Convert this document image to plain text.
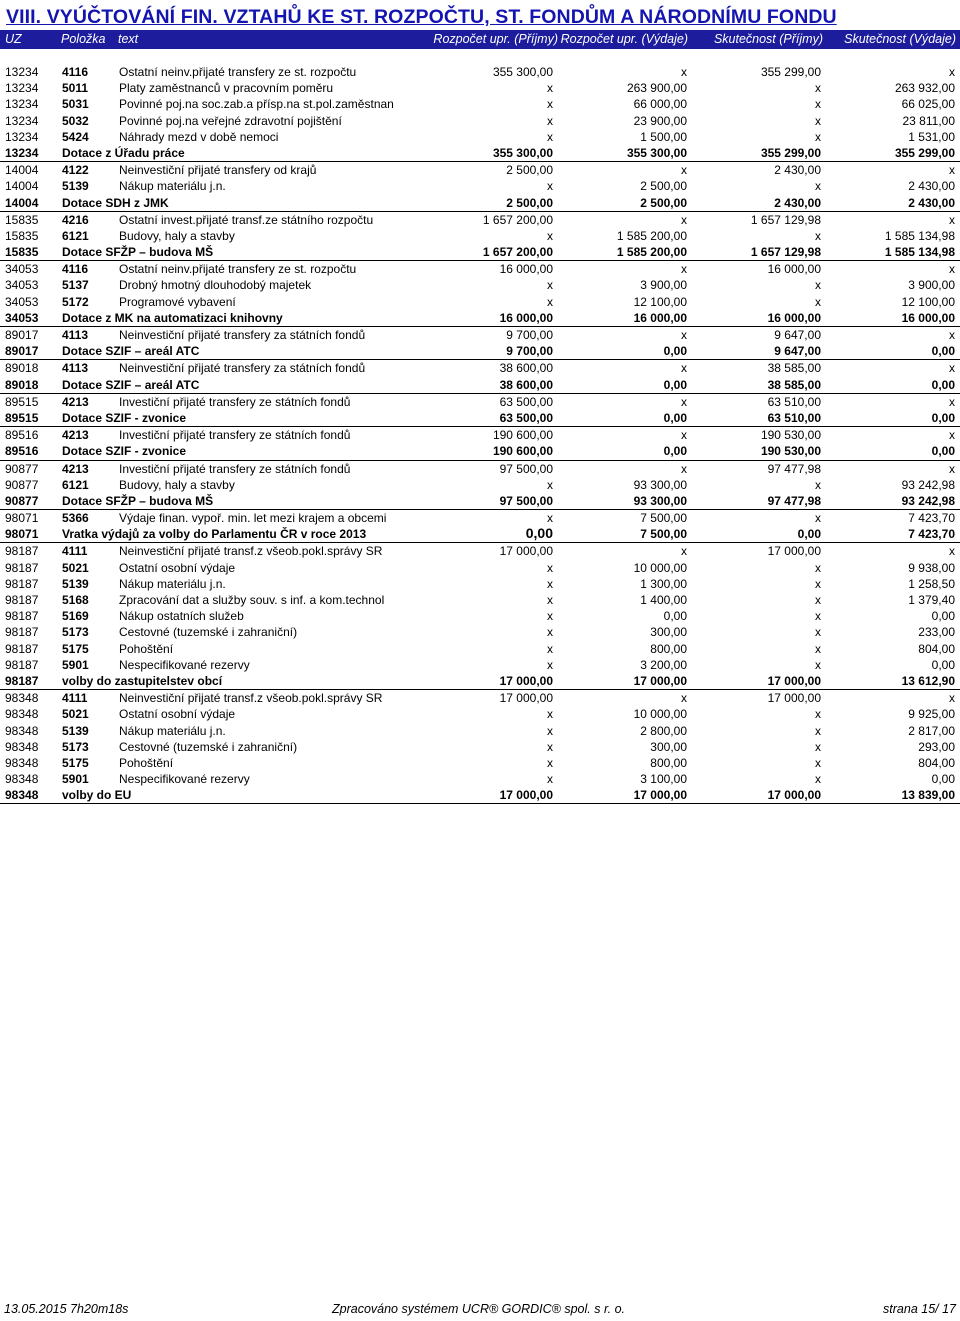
VIII. VYÚČTOVÁNÍ FIN. VZTAHŮ KE ST. ROZPOČTU, ST. FONDŮM A NÁRODNÍMU FONDU
UZ	Položka text	Rozpočet upr. (Příjmy) Rozpočet upr. (Výdaje) Skutečnost (Příjmy) Skutečnost (Výdaje)
13234 4116	Ostatní neinv.přijaté transfery ze st. rozpočtu	355 300,00	x	355 299,00	x
13234 5011	Platy zaměstnanců v pracovním poměru	x	263 900,00	x	263 932,00
13234 5031	Povinné poj.na soc.zab.a přísp.na st.pol.zaměstnan	x	66 000,00	x	66 025,00
13234 5032	Povinné poj.na veřejné zdravotní pojištění	x	23 900,00	x	23 811,00
13234 5424	Náhrady mezd v době nemoci	x	1 500,00	x	1 531,00
13234 Dotace z Úřadu práce	355 300,00	355 300,00	355 299,00	355 299,00
14004 4122	Neinvestiční přijaté transfery od krajů	2 500,00	x	2 430,00	x
14004 5139	Nákup materiálu j.n.	x	2 500,00	x	2 430,00
14004 Dotace SDH z JMK	2 500,00	2 500,00	2 430,00	2 430,00
15835 4216	Ostatní invest.přijaté transf.ze státního rozpočtu	1 657 200,00	x	1 657 129,98	x
15835 6121	Budovy, haly a stavby	x	1 585 200,00	x	1 585 134,98
15835 Dotace SFŽP – budova MŠ	1 657 200,00	1 585 200,00	1 657 129,98	1 585 134,98
34053 4116	Ostatní neinv.přijaté transfery ze st. rozpočtu	16 000,00	x	16 000,00	x
34053 5137	Drobný hmotný dlouhodobý majetek	x	3 900,00	x	3 900,00
34053 5172	Programové vybavení	x	12 100,00	x	12 100,00
34053 Dotace z MK na automatizaci knihovny	16 000,00	16 000,00	16 000,00	16 000,00
89017 4113	Neinvestiční přijaté transfery za státních fondů	9 700,00	x	9 647,00	x
89017 Dotace SZIF – areál ATC	9 700,00	0,00	9 647,00	0,00
89018 4113	Neinvestiční přijaté transfery za státních fondů	38 600,00	x	38 585,00	x
89018 Dotace SZIF – areál ATC	38 600,00	0,00	38 585,00	0,00
89515 4213	Investiční přijaté transfery ze státních fondů	63 500,00	x	63 510,00	x
89515 Dotace SZIF - zvonice	63 500,00	0,00	63 510,00	0,00
89516 4213	Investiční přijaté transfery ze státních fondů	190 600,00	x	190 530,00	x
89516 Dotace SZIF - zvonice	190 600,00	0,00	190 530,00	0,00
90877 4213	Investiční přijaté transfery ze státních fondů	97 500,00	x	97 477,98	x
90877 6121	Budovy, haly a stavby	x	93 300,00	x	93 242,98
90877 Dotace SFŽP – budova MŠ	97 500,00	93 300,00	97 477,98	93 242,98
98071 5366	Výdaje finan. vypoř. min. let mezi krajem a obcemi	x	7 500,00	x	7 423,70
98071 Vratka výdajů za volby do Parlamentu ČR v roce 2013	0,00	7 500,00	0,00	7 423,70
98187 4111	Neinvestiční přijaté transf.z všeob.pokl.správy SR	17 000,00	x	17 000,00	x
98187 5021	Ostatní osobní výdaje	x	10 000,00	x	9 938,00
98187 5139	Nákup materiálu j.n.	x	1 300,00	x	1 258,50
98187 5168	Zpracování dat a služby souv. s inf. a kom.technol	x	1 400,00	x	1 379,40
98187 5169	Nákup ostatních služeb	x	0,00	x	0,00
98187 5173	Cestovné (tuzemské i zahraniční)	x	300,00	x	233,00
98187 5175	Pohoštění	x	800,00	x	804,00
98187 5901	Nespecifikované rezervy	x	3 200,00	x	0,00
98187 volby do zastupitelstev obcí	17 000,00	17 000,00	17 000,00	13 612,90
98348 4111	Neinvestiční přijaté transf.z všeob.pokl.správy SR	17 000,00	x	17 000,00	x
98348 5021	Ostatní osobní výdaje	x	10 000,00	x	9 925,00
98348 5139	Nákup materiálu j.n.	x	2 800,00	x	2 817,00
98348 5173	Cestovné (tuzemské i zahraniční)	x	300,00	x	293,00
98348 5175	Pohoštění	x	800,00	x	804,00
98348 5901	Nespecifikované rezervy	x	3 100,00	x	0,00
98348 volby do EU	17 000,00	17 000,00	17 000,00	13 839,00
13.05.2015 7h20m18s	Zpracováno systémem UCR® GORDIC® spol. s r. o.	strana 15/ 17
